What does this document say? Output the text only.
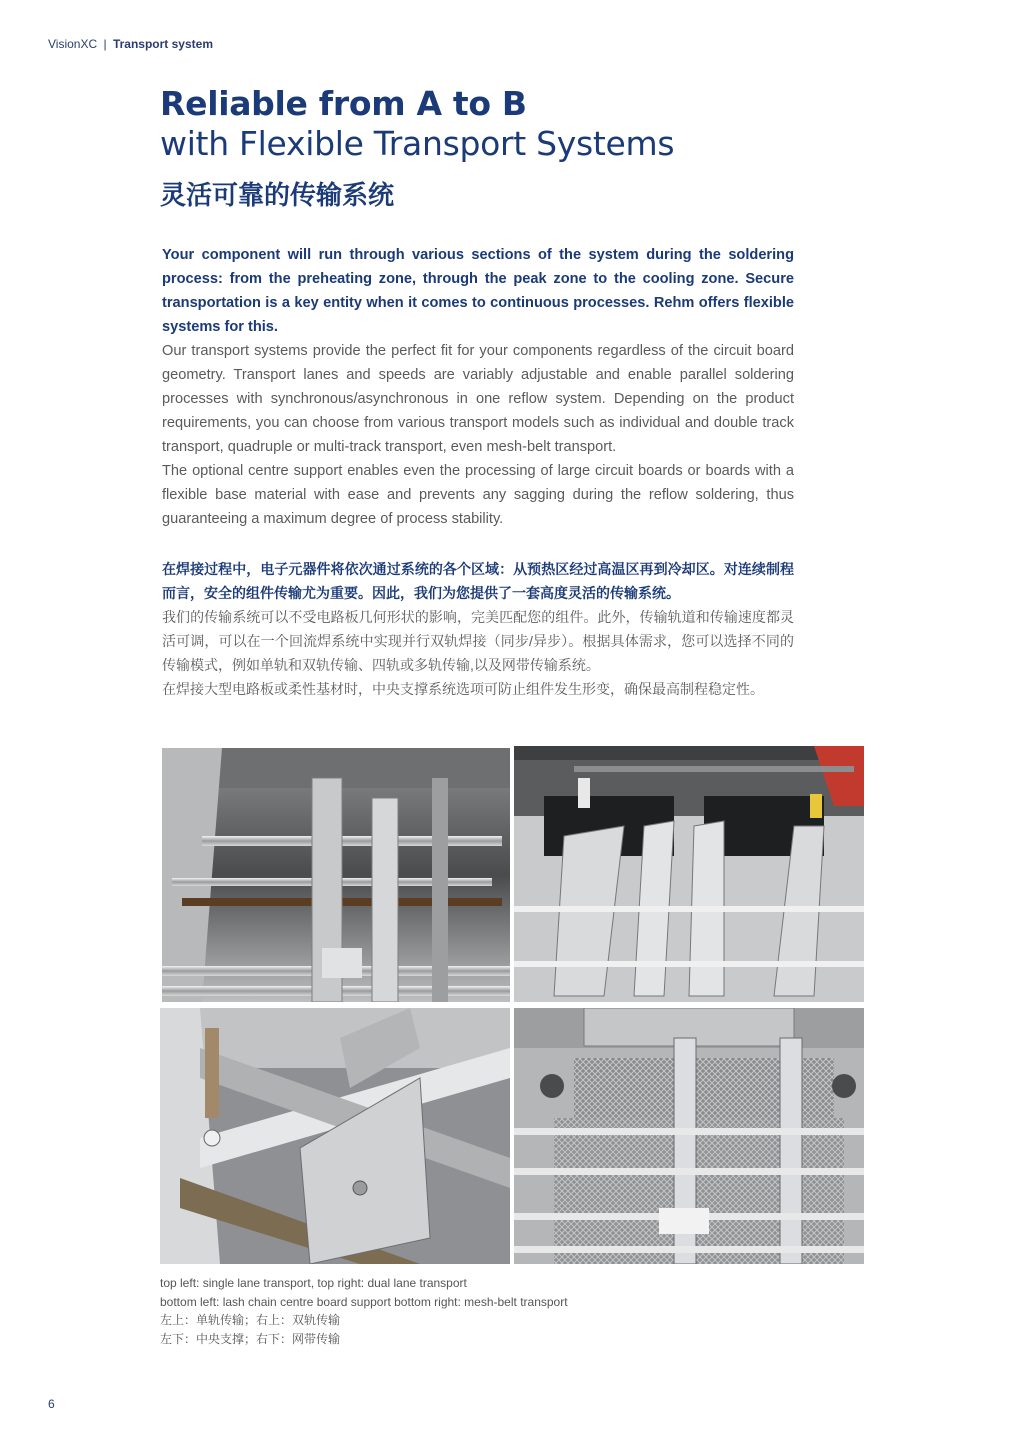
VisionXC | Transport system
Reliable from A to B
with Flexible Transport Systems
灵活可靠的传输系统

Your component will run through various sections of the system during the soldering process: from the preheating zone, through the peak zone to the cooling zone. Secure transportation is a key entity when it comes to continuous processes. Rehm offers flexible systems for this.

Our transport systems provide the perfect fit for your components regardless of the circuit board geometry. Transport lanes and speeds are variably adjustable and enable parallel soldering processes with synchronous/asynchronous in one reflow system. Depending on the product requirements, you can choose from various transport models such as individual and double track transport, quadruple or multi-track transport, even mesh-belt transport.

The optional centre support enables even the processing of large circuit boards or boards with a flexible base material with ease and prevents any sagging during the reflow soldering, thus guaranteeing a maximum degree of process stability.

在焊接过程中，电子元器件将依次通过系统的各个区域：从预热区经过高温区再到冷却区。对连续制程而言，安全的组件传输尤为重要。因此，我们为您提供了一套高度灵活的传输系统。

我们的传输系统可以不受电路板几何形状的影响，完美匹配您的组件。此外，传输轨道和传输速度都灵活可调，可以在一个回流焊系统中实现并行双轨焊接（同步/异步）。根据具体需求，您可以选择不同的传输模式，例如单轨和双轨传输、四轨或多轨传输,以及网带传输系统。

在焊接大型电路板或柔性基材时，中央支撑系统选项可防止组件发生形变，确保最高制程稳定性。

top left: single lane transport, top right: dual lane transport
bottom left: lash chain centre board support bottom right: mesh-belt transport
左上：单轨传输；右上：双轨传输
左下：中央支撑；右下：网带传输
6
